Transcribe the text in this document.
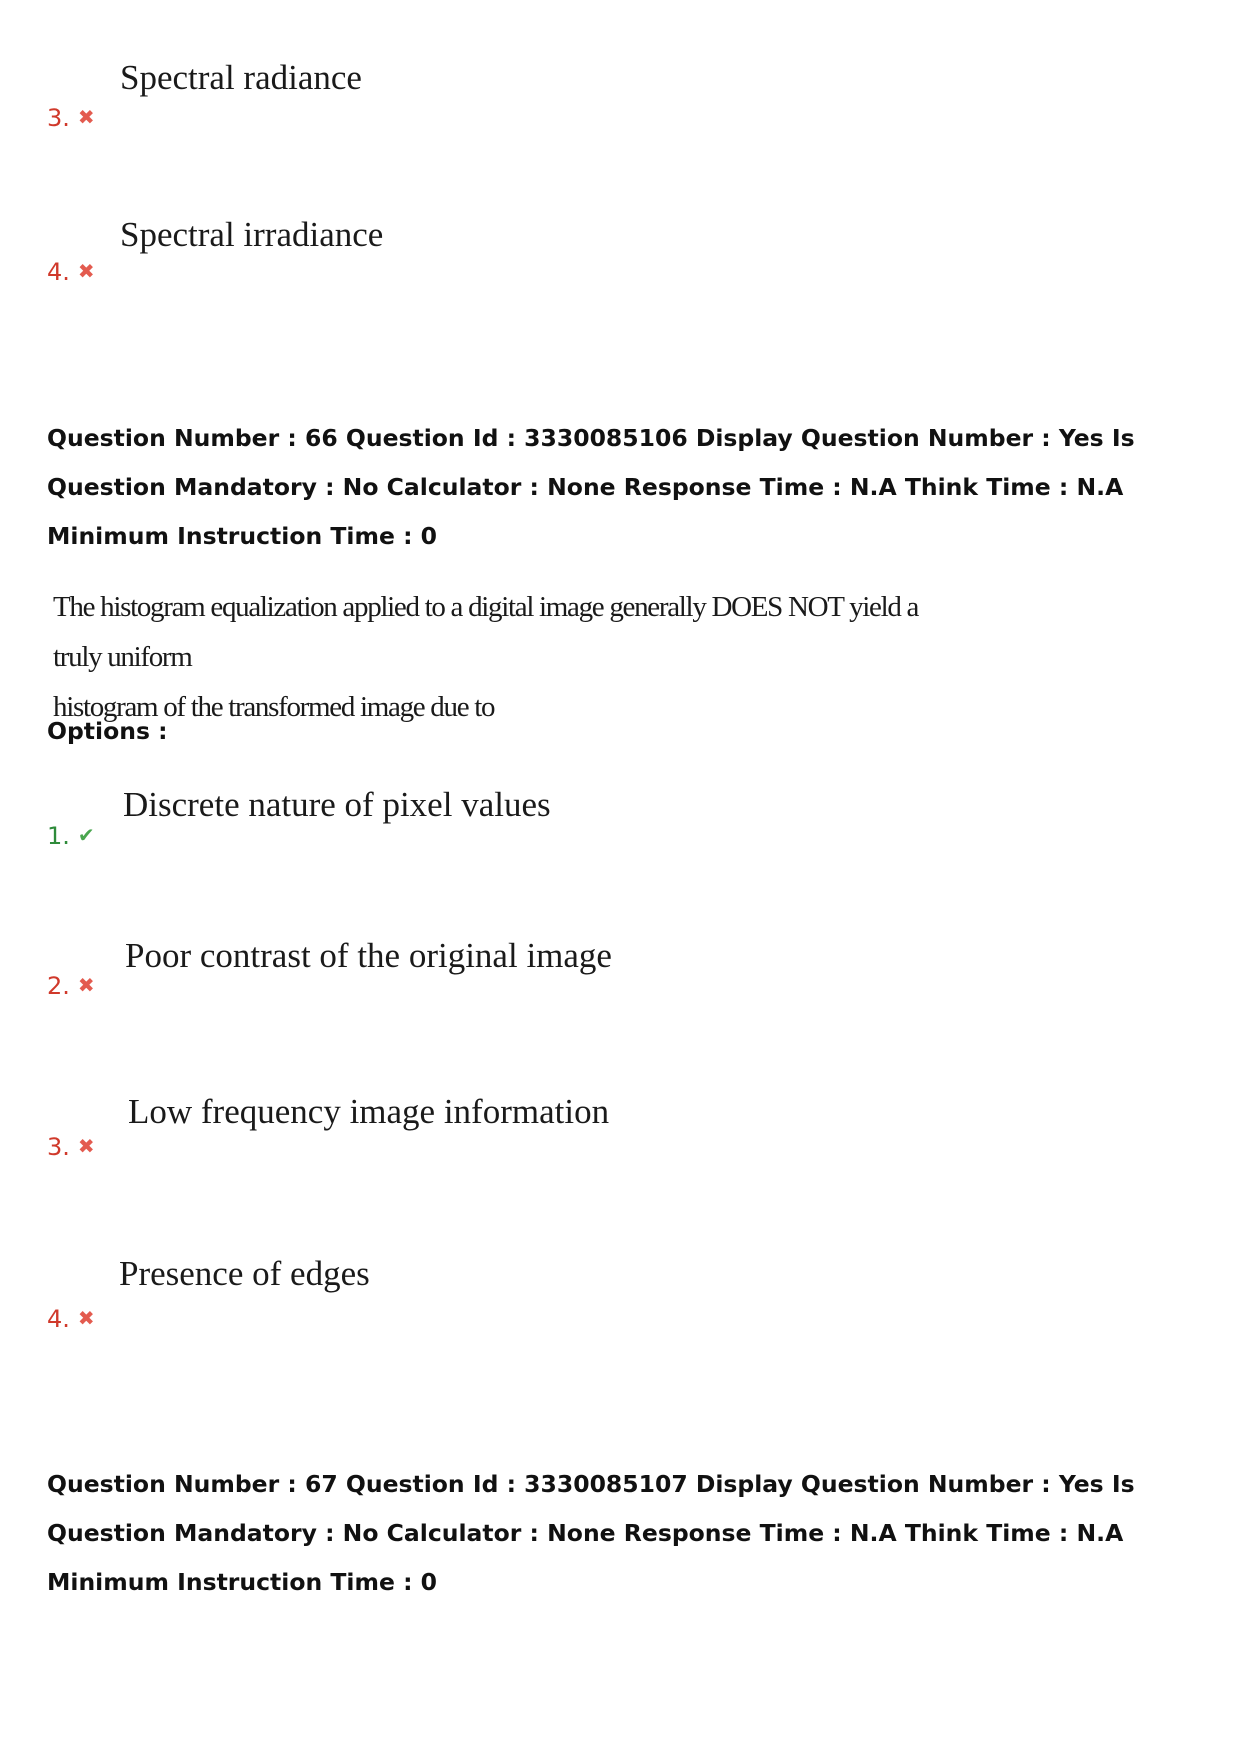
Spectral radiance
3. ✖
Spectral irradiance
4. ✖
Question Number : 66 Question Id : 3330085106 Display Question Number : Yes Is Question Mandatory : No Calculator : None Response Time : N.A Think Time : N.A Minimum Instruction Time : 0
The histogram equalization applied to a digital image generally DOES NOT yield a truly uniform
histogram of the transformed image due to
Options :
Discrete nature of pixel values
1. ✔
Poor contrast of the original image
2. ✖
Low frequency image information
3. ✖
Presence of edges
4. ✖
Question Number : 67 Question Id : 3330085107 Display Question Number : Yes Is Question Mandatory : No Calculator : None Response Time : N.A Think Time : N.A Minimum Instruction Time : 0
